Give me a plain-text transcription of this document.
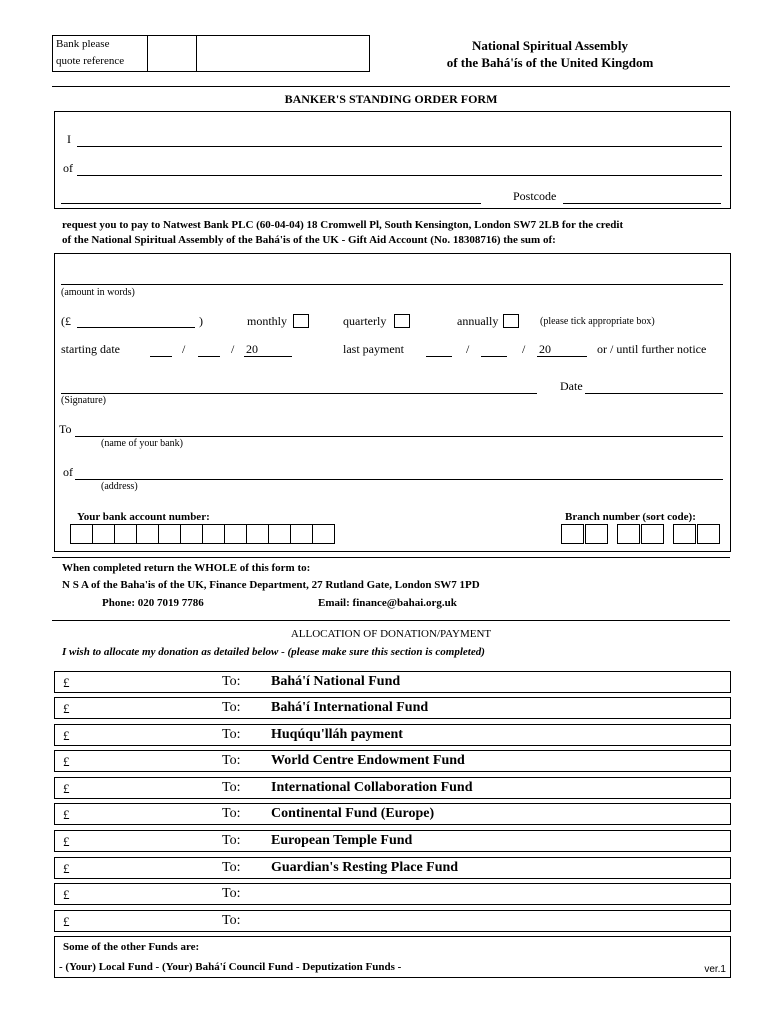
Bank please
quote reference
National Spiritual Assembly
of the Bahá'ís of the United Kingdom
BANKER'S STANDING ORDER FORM
I
of
Postcode
request you to pay to Natwest Bank PLC (60-04-04) 18 Cromwell Pl, South Kensington, London SW7 2LB for the credit
of the National Spiritual Assembly of the Bahá'is of the UK - Gift Aid Account (No. 18308716) the sum of:
(amount in words)
(£	)	monthly	quarterly	annually	(please tick appropriate box)
starting date	/	/ 20	last payment	/	/ 20	or / until further notice
Date
(Signature)
To
(name of your bank)
of
(address)
Your bank account number:	Branch number (sort code):
When completed return the WHOLE of this form to:
N S A of the Baha'is of the UK, Finance Department, 27 Rutland Gate, London SW7 1PD
Phone: 020 7019 7786	Email: finance@bahai.org.uk
ALLOCATION OF DONATION/PAYMENT
I wish to allocate my donation as detailed below - (please make sure this section is completed)
£	To: Bahá'í National Fund
£	To: Bahá'í International Fund
£	To: Huqúqu'lláh payment
£	To: World Centre Endowment Fund
£	To: International Collaboration Fund
£	To: Continental Fund (Europe)
£	To: European Temple Fund
£	To: Guardian's Resting Place Fund
£	To:
£	To:
Some of the other Funds are:
- (Your) Local Fund - (Your) Bahá'í Council Fund - Deputization Funds -	ver.1
